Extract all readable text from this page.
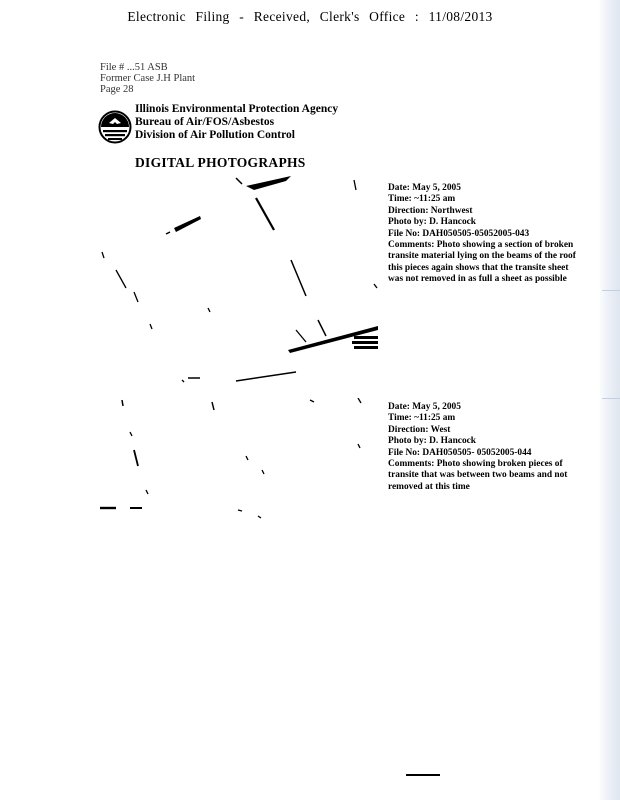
Electronic Filing - Received, Clerk's Office : 11/08/2013
File # ...51 ASB
Former Case J.H Plant
Page 28
Illinois Environmental Protection Agency
Bureau of Air/FOS/Asbestos
Division of Air Pollution Control
DIGITAL PHOTOGRAPHS
Date: May 5, 2005
Time: ~11:25 am
Direction: Northwest
Photo by: D. Hancock
File No: DAH050505-05052005-043
Comments: Photo showing a section of broken
transite material lying on the beams of the roof
this pieces again shows that the transite sheet
was not removed in as full a sheet as possible
Date: May 5, 2005
Time: ~11:25 am
Direction: West
Photo by: D. Hancock
File No: DAH050505- 05052005-044
Comments: Photo showing broken pieces of
transite that was between two beams and not
removed at this time
